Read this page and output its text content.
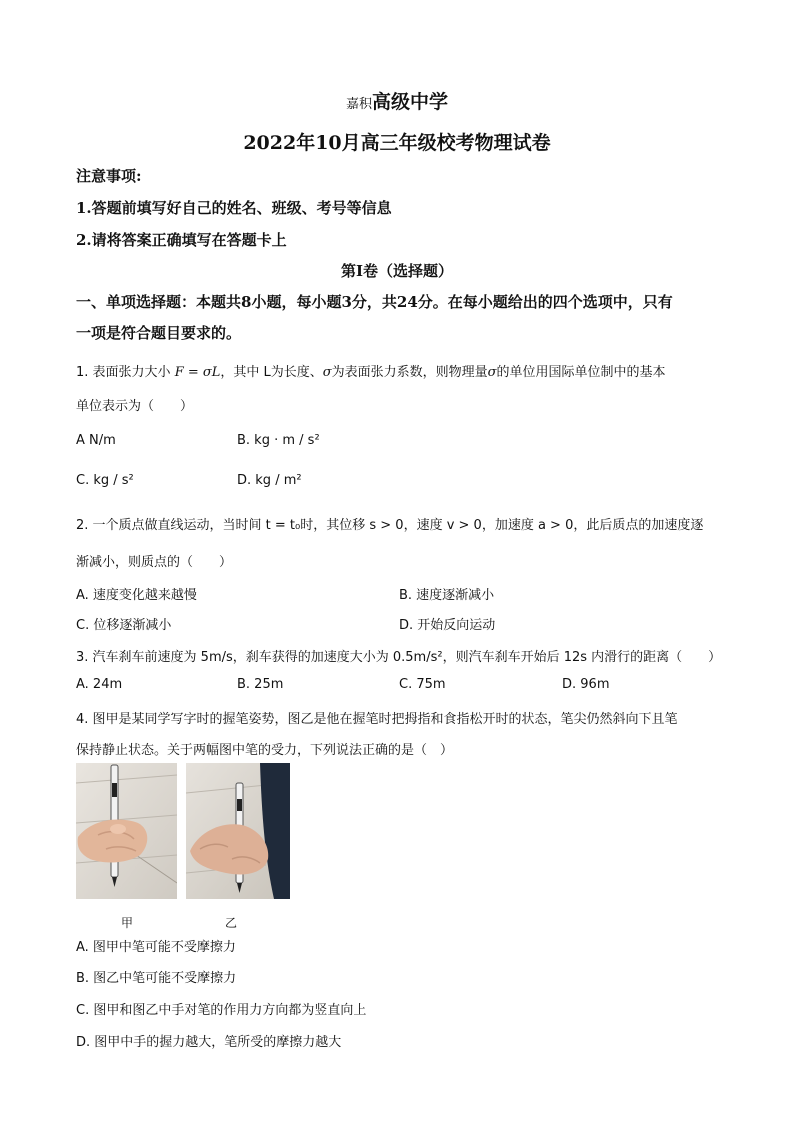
嘉积高级中学
2022年10月高三年级校考物理试卷
注意事项:
1.答题前填写好自己的姓名、班级、考号等信息
2.请将答案正确填写在答题卡上
第I卷（选择题）
一、单项选择题：本题共8小题，每小题3分，共24分。在每小题给出的四个选项中，只有
一项是符合题目要求的。
1. 表面张力大小 F = σL，其中 L为长度、σ为表面张力系数，则物理量σ的单位用国际单位制中的基本
单位表示为（　　）
A N/m	B. kg · m / s²
C. kg / s²	D. kg / m²
2. 一个质点做直线运动，当时间 t = t₀时，其位移 s > 0，速度 v > 0，加速度 a > 0，此后质点的加速度逐
渐减小，则质点的（　　）
A. 速度变化越来越慢	B. 速度逐渐减小
C. 位移逐渐减小	D. 开始反向运动
3. 汽车刹车前速度为 5m/s，刹车获得的加速度大小为 0.5m/s²，则汽车刹车开始后 12s 内滑行的距离（　　）
A. 24m	B. 25m	C. 75m	D. 96m
4. 图甲是某同学写字时的握笔姿势，图乙是他在握笔时把拇指和食指松开时的状态，笔尖仍然斜向下且笔
保持静止状态。关于两幅图中笔的受力，下列说法正确的是（　）
甲	乙
A. 图甲中笔可能不受摩擦力
B. 图乙中笔可能不受摩擦力
C. 图甲和图乙中手对笔的作用力方向都为竖直向上
D. 图甲中手的握力越大，笔所受的摩擦力越大
